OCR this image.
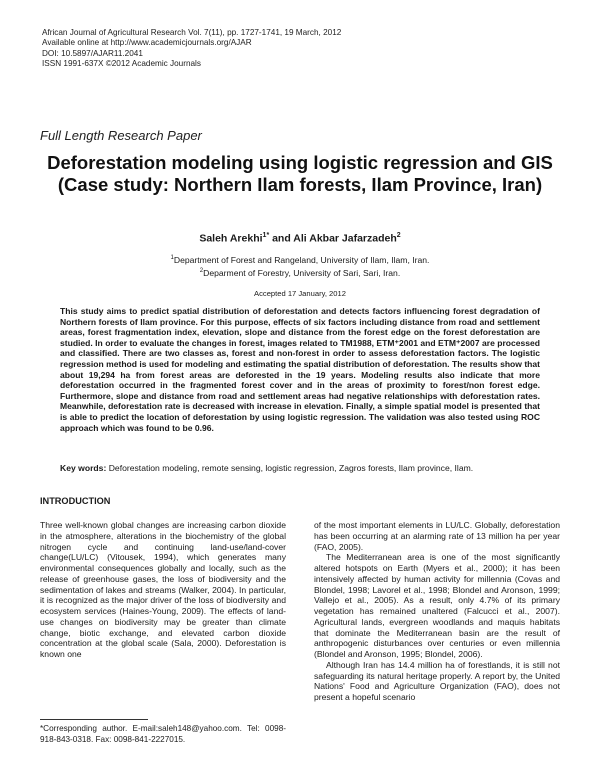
African Journal of Agricultural Research Vol. 7(11), pp. 1727-1741, 19 March, 2012
Available online at http://www.academicjournals.org/AJAR
DOI: 10.5897/AJAR11.2041
ISSN 1991-637X ©2012 Academic Journals
Full Length Research Paper
Deforestation modeling using logistic regression and GIS (Case study: Northern Ilam forests, Ilam Province, Iran)
Saleh Arekhi$^{1*}$ and Ali Akbar Jafarzadeh$^2$
$^1$Department of Forest and Rangeland, University of Ilam, Ilam, Iran.
$^2$Deparment of Forestry, University of Sari, Sari, Iran.
Accepted 17 January, 2012
This study aims to predict spatial distribution of deforestation and detects factors influencing forest degradation of Northern forests of Ilam province. For this purpose, effects of six factors including distance from road and settlement areas, forest fragmentation index, elevation, slope and distance from the forest edge on the forest deforestation are studied. In order to evaluate the changes in forest, images related to TM1988, ETM⁺2001 and ETM⁺2007 are processed and classified. There are two classes as, forest and non-forest in order to assess deforestation factors. The logistic regression method is used for modeling and estimating the spatial distribution of deforestation. The results show that about 19,294 ha from forest areas are deforested in the 19 years. Modeling results also indicate that more deforestation occurred in the fragmented forest cover and in the areas of proximity to forest/non forest edge. Furthermore, slope and distance from road and settlement areas had negative relationships with deforestation rates. Meanwhile, deforestation rate is decreased with increase in elevation. Finally, a simple spatial model is presented that is able to predict the location of deforestation by using logistic regression. The validation was also tested using ROC approach which was found to be 0.96.
Key words: Deforestation modeling, remote sensing, logistic regression, Zagros forests, Ilam province, Ilam.
INTRODUCTION

Three well-known global changes are increasing carbon dioxide in the atmosphere, alterations in the biochemistry of the global nitrogen cycle and continuing land-use/land-cover change(LU/LC) (Vitousek, 1994), which generates many environmental consequences globally and locally, such as the release of greenhouse gases, the loss of biodiversity and the sedimentation of lakes and streams (Walker, 2004). In particular, it is recognized as the major driver of the loss of biodiversity and ecosystem services (Haines-Young, 2009). The effects of land-use changes on biodiversity may be greater than climate change, biotic exchange, and elevated carbon dioxide concentration at the global scale (Sala, 2000). Deforestation is known one

of the most important elements in LU/LC. Globally, deforestation has been occurring at an alarming rate of 13 million ha per year (FAO, 2005).

The Mediterranean area is one of the most significantly altered hotspots on Earth (Myers et al., 2000); it has been intensively affected by human activity for millennia (Covas and Blondel, 1998; Lavorel et al., 1998; Blondel and Aronson, 1999; Vallejo et al., 2005). As a result, only 4.7% of its primary vegetation has remained unaltered (Falcucci et al., 2007). Agricultural lands, evergreen woodlands and maquis habitats that dominate the Mediterranean basin are the result of anthropogenic disturbances over centuries or even millennia (Blondel and Aronson, 1995; Blondel, 2006).

Although Iran has 14.4 million ha of forestlands, it is still not safeguarding its natural heritage properly. A report by, the United Nations' Food and Agriculture Organization (FAO), does not present a hopeful scenario

*Corresponding author. E-mail:saleh148@yahoo.com. Tel: 0098-918-843-0318. Fax: 0098-841-2227015.
